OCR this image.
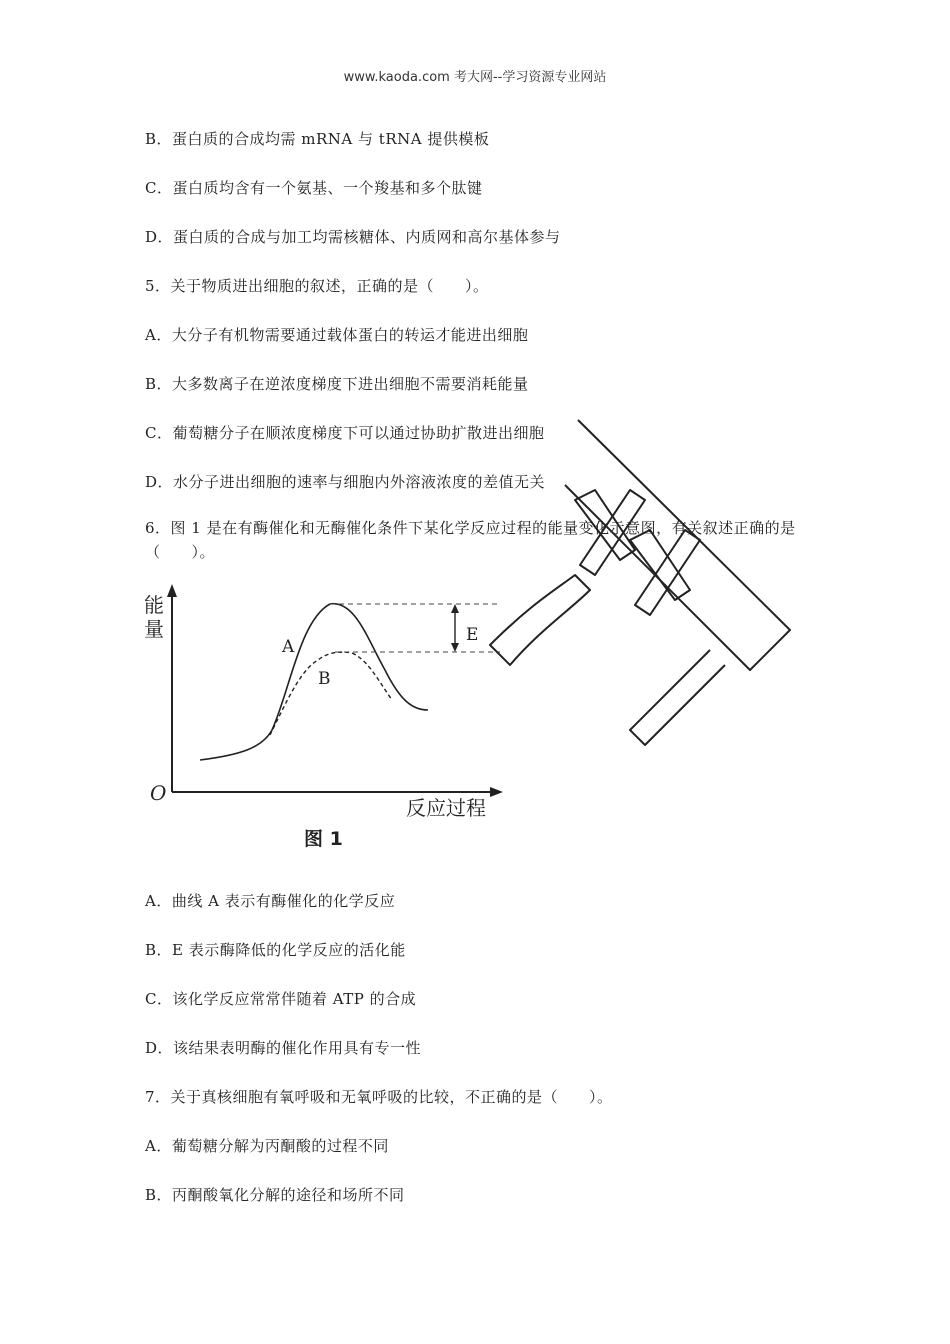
www.kaoda.com 考大网--学习资源专业网站
B．蛋白质的合成均需 mRNA 与 tRNA 提供模板
C．蛋白质均含有一个氨基、一个羧基和多个肽键
D．蛋白质的合成与加工均需核糖体、内质网和高尔基体参与
5．关于物质进出细胞的叙述，正确的是（　　）。
A．大分子有机物需要通过载体蛋白的转运才能进出细胞
B．大多数离子在逆浓度梯度下进出细胞不需要消耗能量
C．葡萄糖分子在顺浓度梯度下可以通过协助扩散进出细胞
D．水分子进出细胞的速率与细胞内外溶液浓度的差值无关
6．图 1 是在有酶催化和无酶催化条件下某化学反应过程的能量变化示意图，有关叙述正确的是（　　）。
能
量
O
反应过程
A
B
E
图 1
A．曲线 A 表示有酶催化的化学反应
B．E 表示酶降低的化学反应的活化能
C．该化学反应常常伴随着 ATP 的合成
D．该结果表明酶的催化作用具有专一性
7．关于真核细胞有氧呼吸和无氧呼吸的比较，不正确的是（　　）。
A．葡萄糖分解为丙酮酸的过程不同
B．丙酮酸氧化分解的途径和场所不同
